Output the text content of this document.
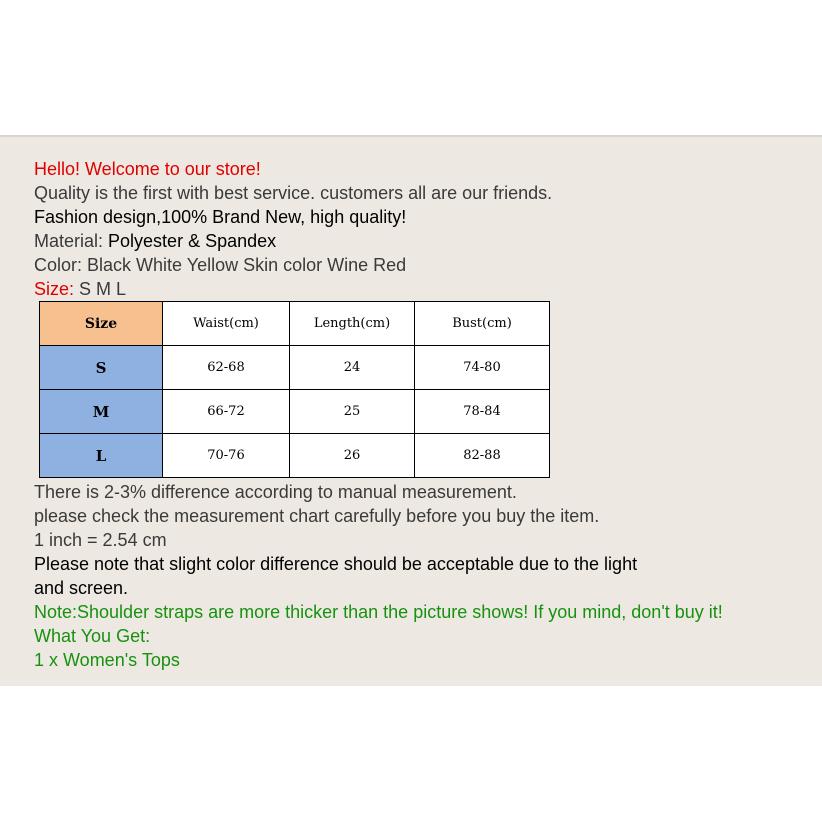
Hello! Welcome to our store!
Quality is the first with best service. customers all are our friends.
Fashion design,100% Brand New, high quality!
Material: Polyester & Spandex
Color: Black White Yellow Skin color Wine Red
Size: S M L
Size	Waist(cm)	Length(cm)	Bust(cm)
S	62-68	24	74-80
M	66-72	25	78-84
L	70-76	26	82-88
There is 2-3% difference according to manual measurement.
please check the measurement chart carefully before you buy the item.
1 inch = 2.54 cm
Please note that slight color difference should be acceptable due to the light
and screen.
Note:Shoulder straps are more thicker than the picture shows! If you mind, don't buy it!
What You Get:
1 x Women's Tops
